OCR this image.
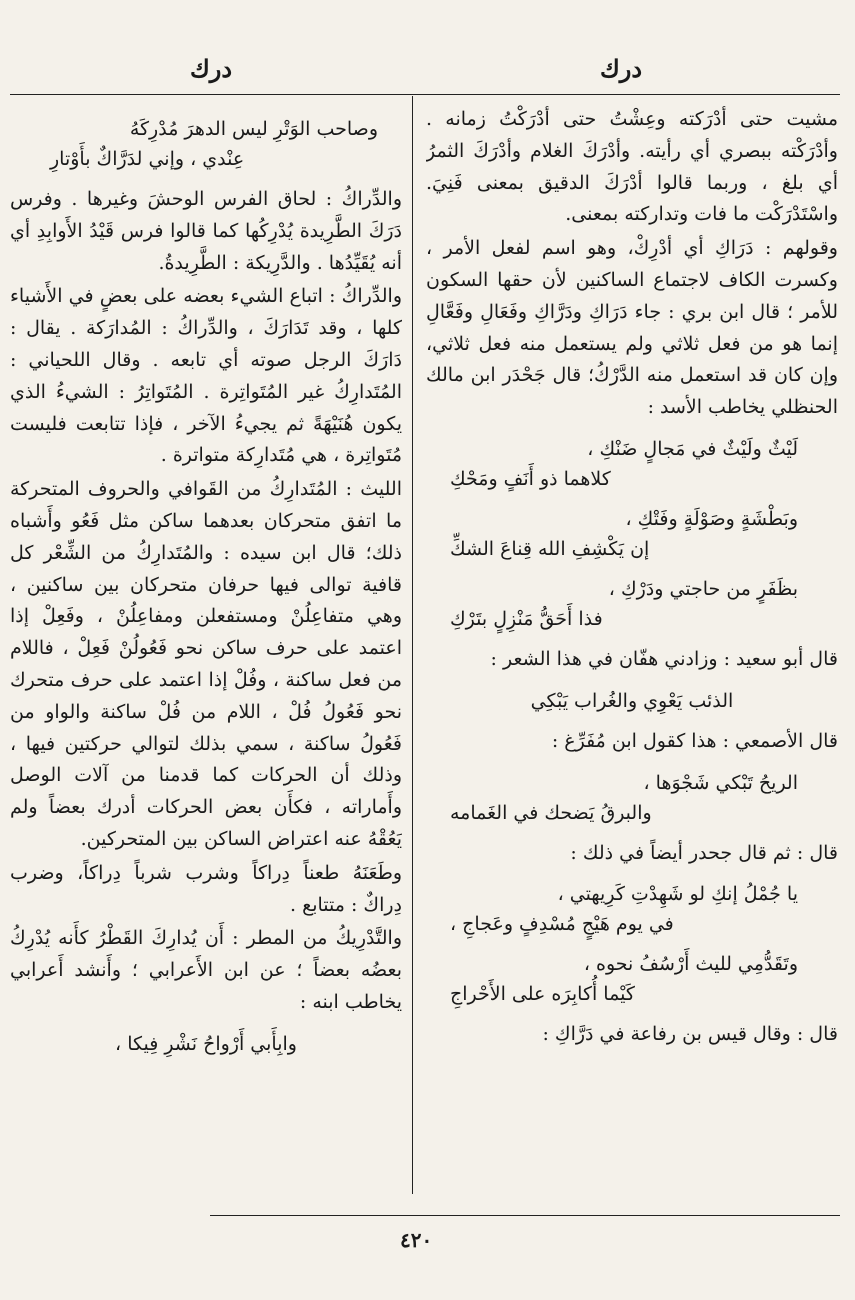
درك
درك

مشيت حتى أدْرَكته وعِشْتُ حتى أدْرَكْتُ زمانه . وأدْرَكْته ببصري أي رأيته. وأدْرَكَ الغلام وأدْرَكَ الثمرُ أي بلغ ، وربما قالوا أدْرَكَ الدقيق بمعنى فَنِيَ. واسْتَدْرَكْت ما فات وتداركته بمعنى.

وقولهم : دَرَاكِ أي أدْرِكْ، وهو اسم لفعل الأمر ، وكسرت الكاف لاجتماع الساكنين لأن حقها السكون للأمر ؛ قال ابن بري : جاء دَرَاكِ ودَرَّاكِ وفَعَالِ وفَعَّالِ إنما هو من فعل ثلاثي ولم يستعمل منه فعل ثلاثي، وإن كان قد استعمل منه الدَّرْكُ؛ قال جَحْدَر ابن مالك الحنظلي يخاطب الأسد :

لَيْثٌ ولَيْثٌ في مَجالٍ ضَنْكِ ،
كلاهما ذو أَنَفٍ ومَحْكِ
وبَطْشَةٍ وصَوْلَةٍ وفَتْكِ ،
إن يَكْشِفِ الله قِناعَ الشكِّ
بظَفَرٍ من حاجتي ودَرْكِ ،
فذا أَحَقُّ مَنْزِلٍ بتَرْكِ

قال أبو سعيد : وزادني هفّان في هذا الشعر :

الذئب يَعْوِي والغُراب يَبْكِي

قال الأصمعي : هذا كقول ابن مُفَرِّغ :

الريحُ تَبْكي شَجْوَها ،
والبرقُ يَضحك في الغَمامه

قال : ثم قال جحدر أيضاً في ذلك :

يا جُمْلُ إنكِ لو شَهِدْتِ كَرِيهتي ،
في يوم هَيْجٍ مُسْدِفٍ وعَجاجِ ،
وتَقَدُّمِي لليث أَرْسُفُ نحوه ،
كَيْما أُكابِرَه على الأَحْراجِ

قال : وقال قيس بن رفاعة في دَرَّاكِ :

وصاحب الوَتْرِ ليس الدهرَ مُدْرِكَهُ
عِنْدي ، وإني لدَرَّاكٌ بأَوْتارِ

والدِّراكُ : لحاق الفرس الوحشَ وغيرها . وفرس دَرَكَ الطَّرِيدة يُدْرِكُها كما قالوا فرس قَيْدُ الأَوابِدِ أي أنه يُقَيِّدُها . والدَّرِيكة : الطَّرِيدةُ.

والدِّراكُ : اتباع الشيء بعضه على بعضٍ في الأَشياء كلها ، وقد تَدَارَكَ ، والدِّراكُ : المُدارَكة . يقال : دَارَكَ الرجل صوته أي تابعه . وقال اللحياني : المُتَدارِكُ غير المُتَواتِرة . المُتَواتِرُ : الشيءُ الذي يكون هُنَيْهَةً ثم يجيءُ الآخر ، فإذا تتابعت فليست مُتَواتِرة ، هي مُتَدارِكة متواترة .

الليث : المُتَدارِكُ من القَوافي والحروف المتحركة ما اتفق متحركان بعدهما ساكن مثل فَعُو وأَشباه ذلك؛ قال ابن سيده : والمُتَدارِكُ من الشِّعْر كل قافية توالى فيها حرفان متحركان بين ساكنين ، وهي متفاعِلُنْ ومستفعلن ومفاعِلُنْ ، وفَعِلْ إذا اعتمد على حرف ساكن نحو فَعُولُنْ فَعِلْ ، فاللام من فعل ساكنة ، وفُلْ إذا اعتمد على حرف متحرك نحو فَعُولُ فُلْ ، اللام من فُلْ ساكنة والواو من فَعُولُ ساكنة ، سمي بذلك لتوالي حركتين فيها ، وذلك أن الحركات كما قدمنا من آلات الوصل وأَماراته ، فكأَن بعض الحركات أدرك بعضاً ولم يَعُقْهُ عنه اعتراض الساكن بين المتحركين.

وطَعَنَهُ طعناً دِراكاً وشرب شرباً دِراكاً، وضرب دِراكٌ : متتابع .

والتَّدْرِيكُ من المطر : أَن يُدارِكَ القَطْرُ كأَنه يُدْرِكُ بعضُه بعضاً ؛ عن ابن الأَعرابي ؛ وأَنشد أَعرابي يخاطب ابنه :

وابِأَبي أَرْواحُ نَشْرِ فِيكا ،
٤٢٠
